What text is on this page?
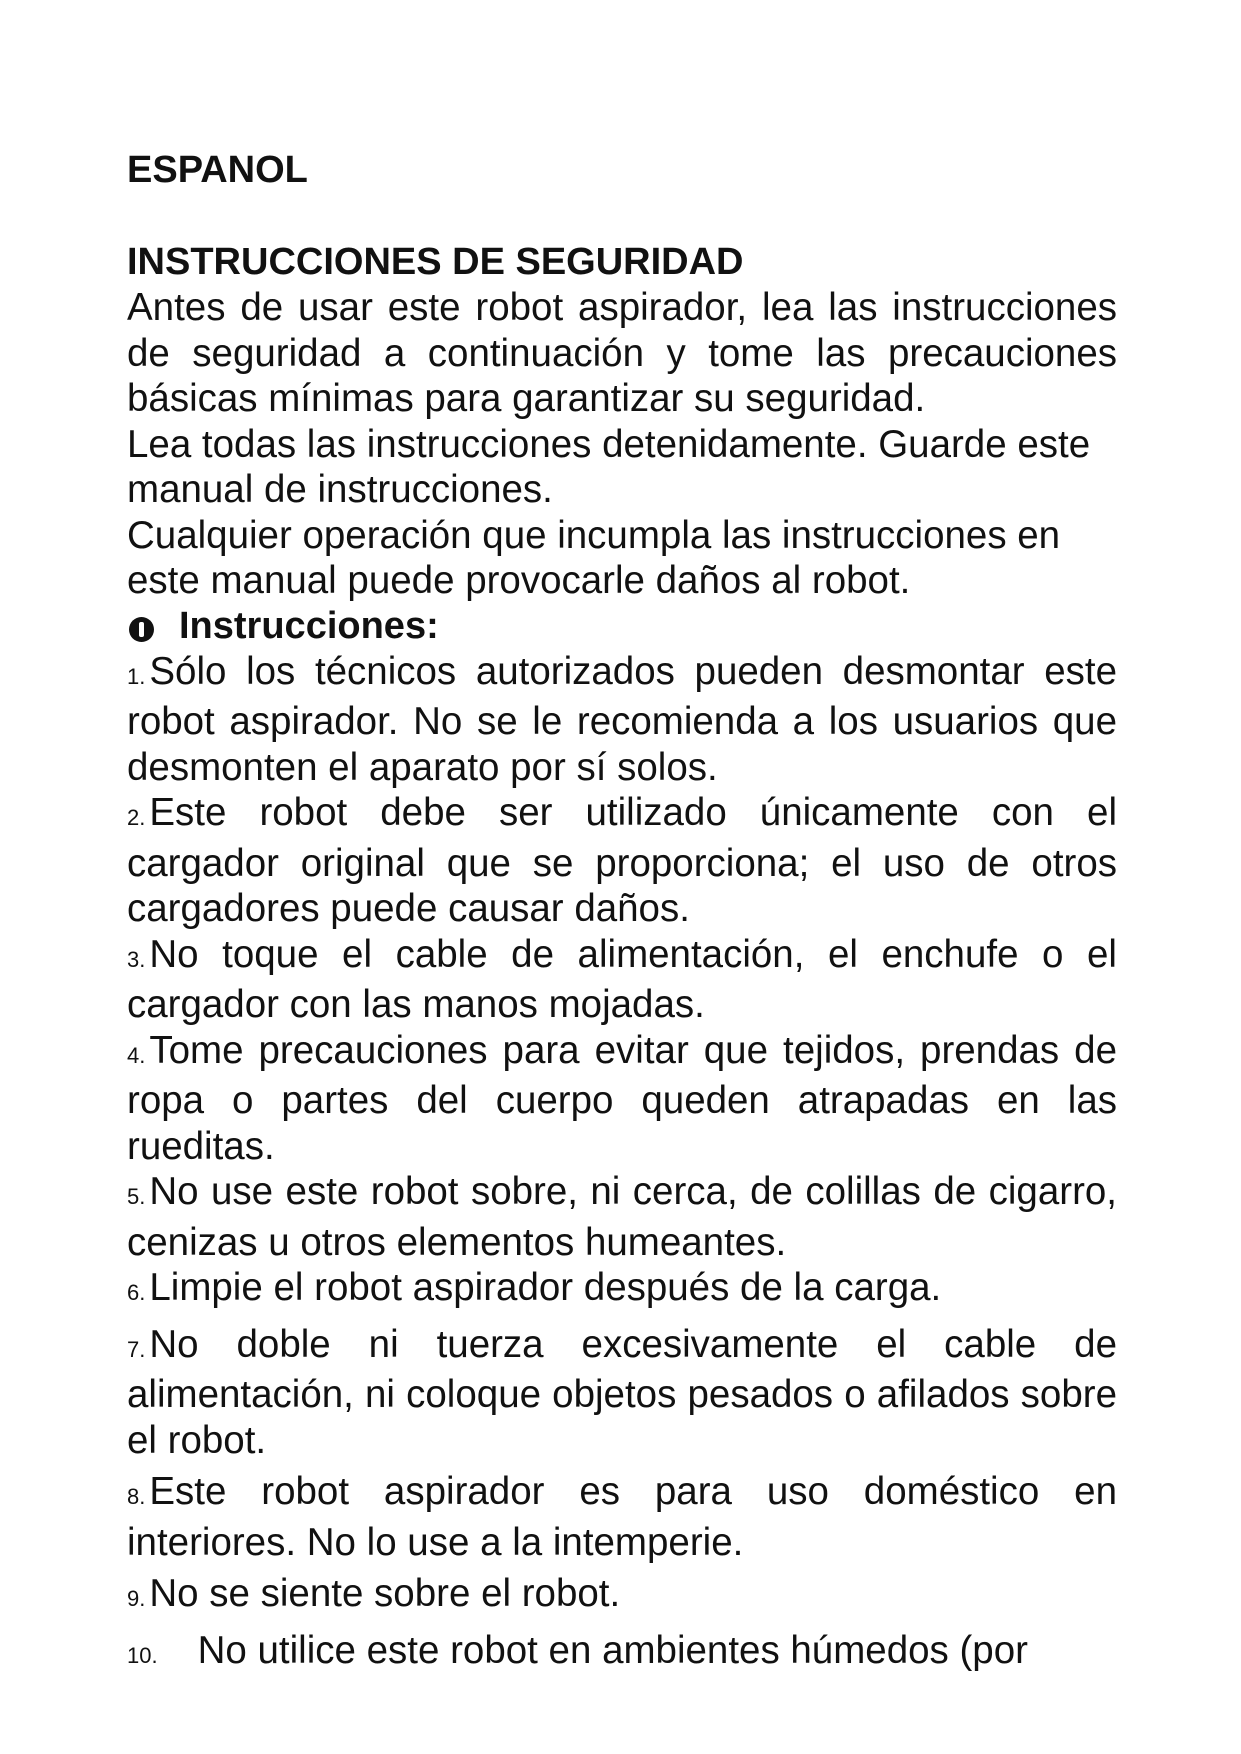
ESPANOL
INSTRUCCIONES DE SEGURIDAD

Antes de usar este robot aspirador, lea las instrucciones de seguridad a continuación y tome las precauciones básicas mínimas para garantizar su seguridad.

Lea todas las instrucciones detenidamente. Guarde este manual de instrucciones.

Cualquier operación que incumpla las instrucciones en este manual puede provocarle daños al robot.

Instrucciones:
1. Sólo los técnicos autorizados pueden desmontar este robot aspirador. No se le recomienda a los usuarios que desmonten el aparato por sí solos.
2. Este robot debe ser utilizado únicamente con el cargador original que se proporciona; el uso de otros cargadores puede causar daños.
3. No toque el cable de alimentación, el enchufe o el cargador con las manos mojadas.
4. Tome precauciones para evitar que tejidos, prendas de ropa o partes del cuerpo queden atrapadas en las rueditas.
5. No use este robot sobre, ni cerca, de colillas de cigarro, cenizas u otros elementos humeantes.
6. Limpie el robot aspirador después de la carga.
7. No doble ni tuerza excesivamente el cable de alimentación, ni coloque objetos pesados o afilados sobre el robot.
8. Este robot aspirador es para uso doméstico en interiores. No lo use a la intemperie.
9. No se siente sobre el robot.
10. No utilice este robot en ambientes húmedos (por
